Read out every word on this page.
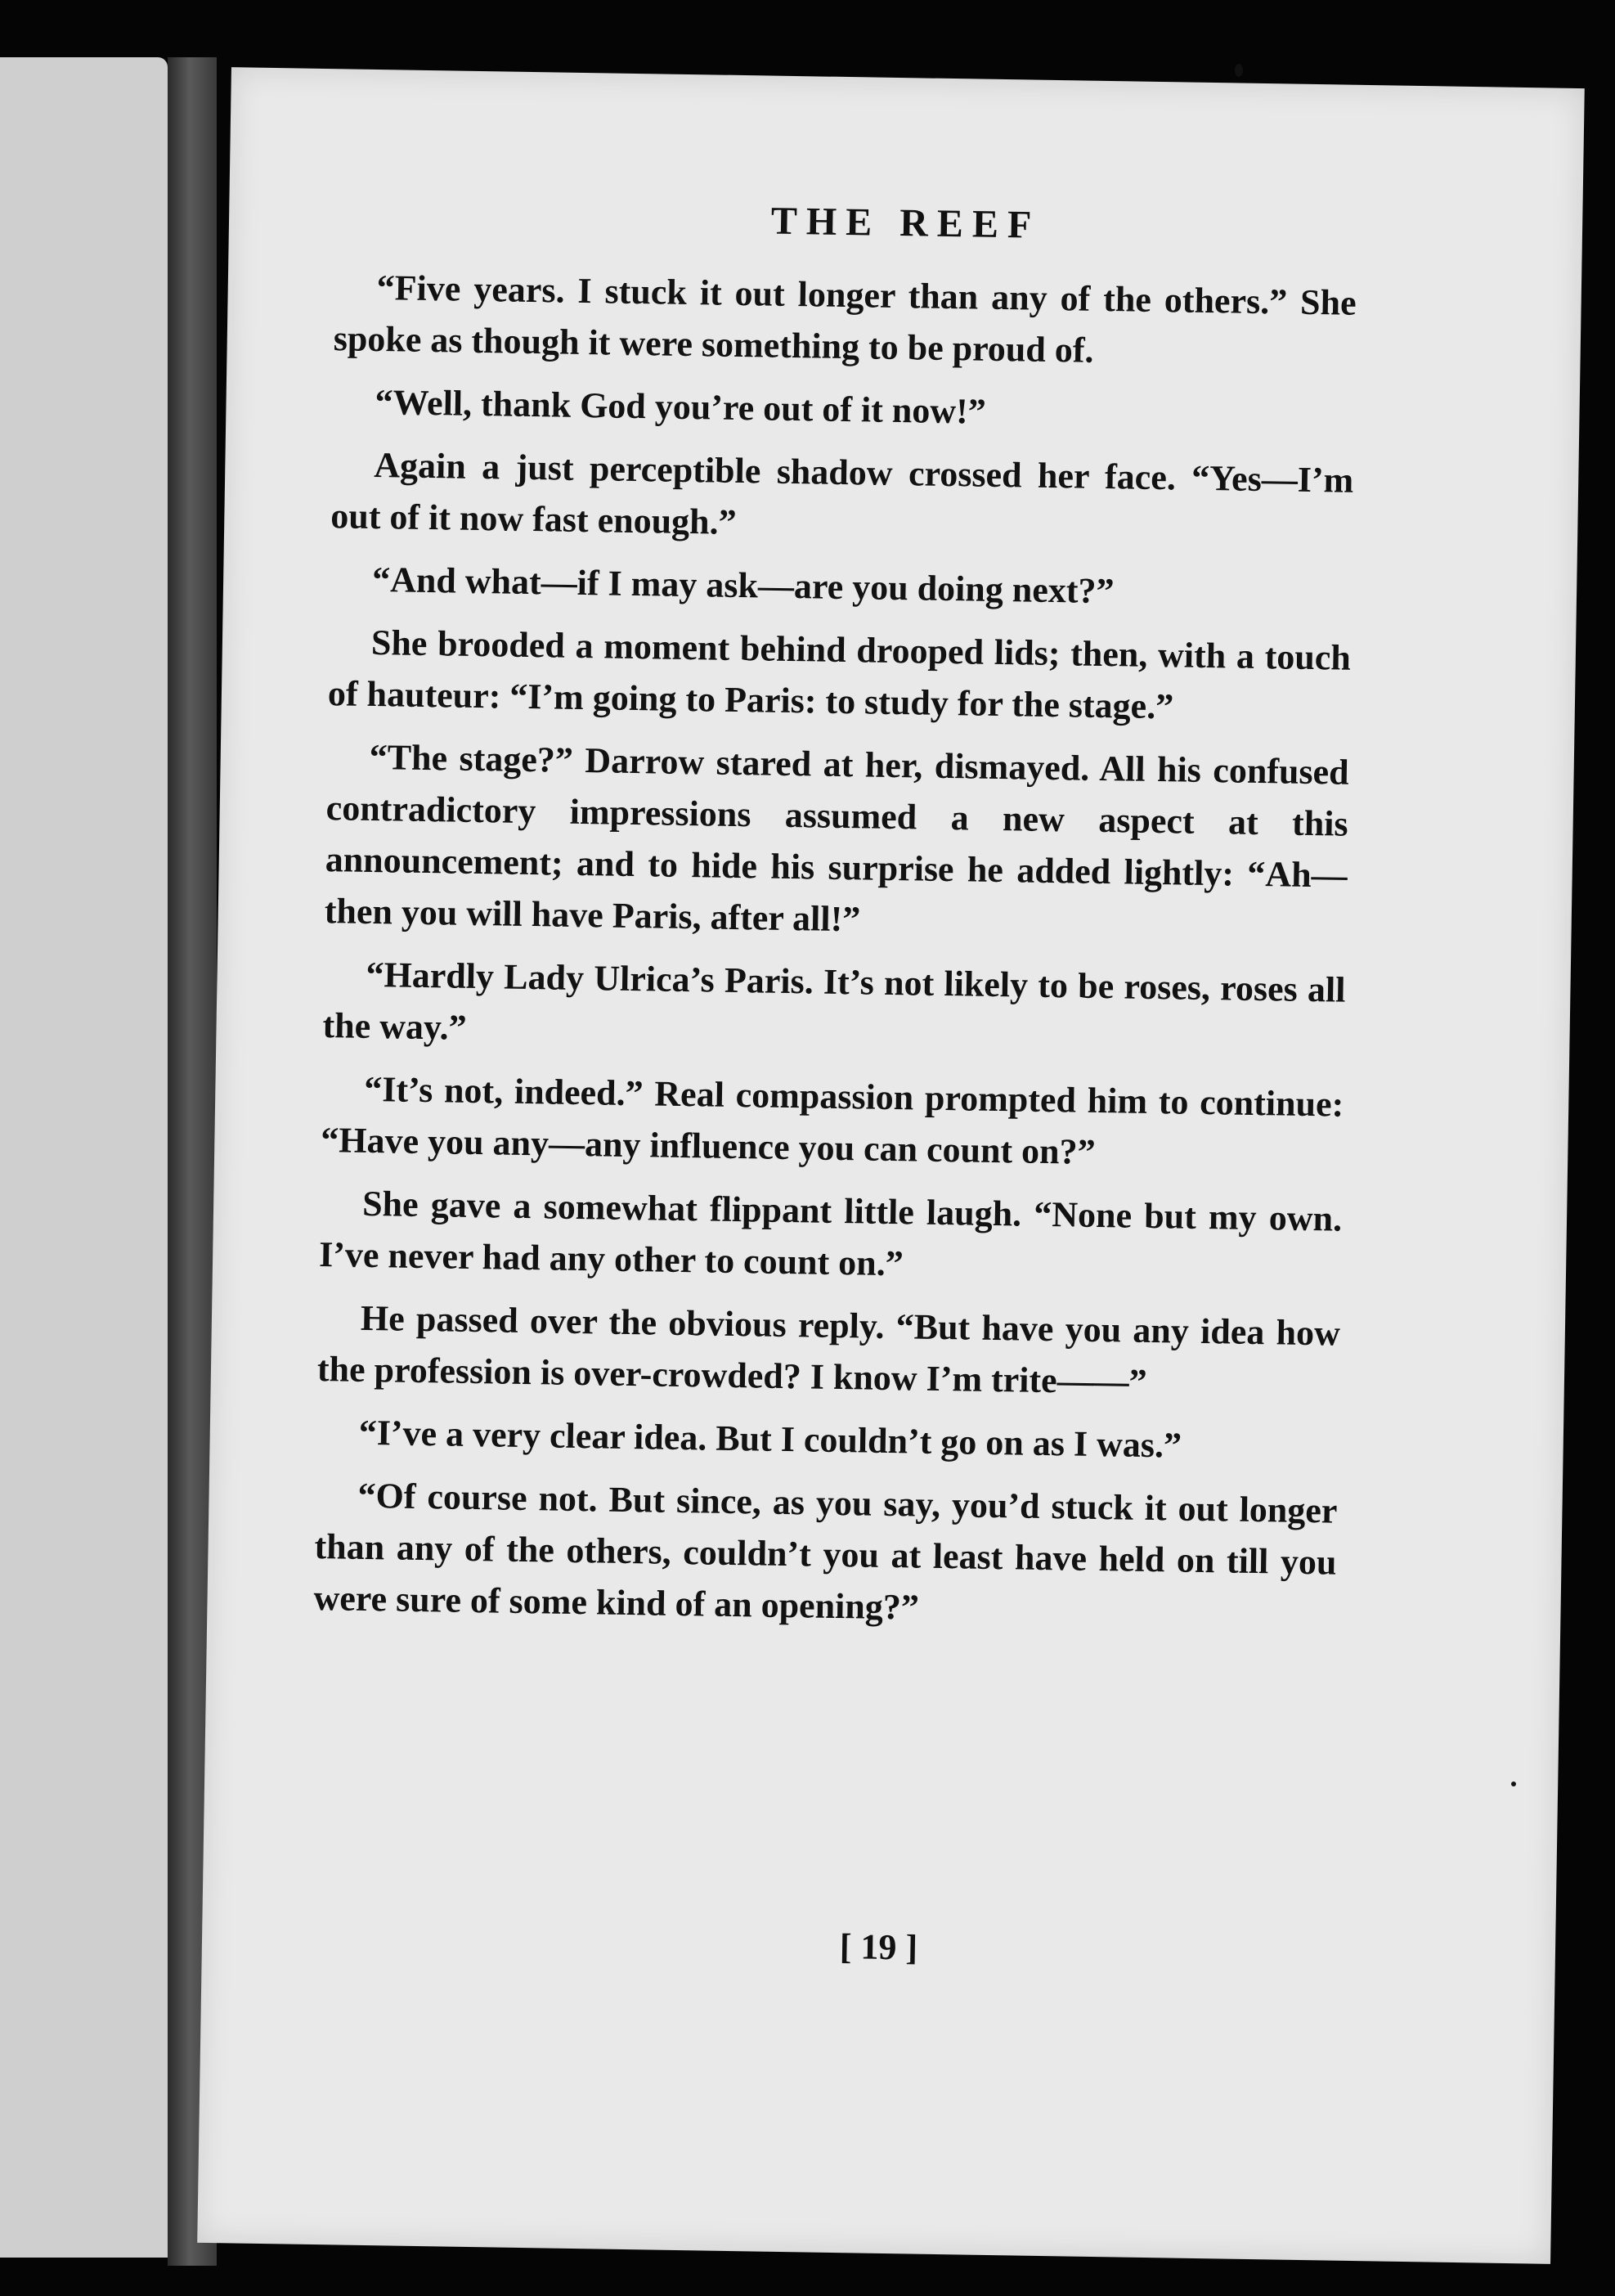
THE REEF

“Five years. I stuck it out longer than any of the others.” She spoke as though it were something to be proud of.

“Well, thank God you’re out of it now!”

Again a just perceptible shadow crossed her face. “Yes—I’m out of it now fast enough.”

“And what—if I may ask—are you doing next?”

She brooded a moment behind drooped lids; then, with a touch of hauteur: “I’m going to Paris: to study for the stage.”

“The stage?” Darrow stared at her, dismayed. All his confused contradictory impressions assumed a new aspect at this announcement; and to hide his surprise he added lightly: “Ah—then you will have Paris, after all!”

“Hardly Lady Ulrica’s Paris. It’s not likely to be roses, roses all the way.”

“It’s not, indeed.” Real compassion prompted him to continue: “Have you any—any influence you can count on?”

She gave a somewhat flippant little laugh. “None but my own. I’ve never had any other to count on.”

He passed over the obvious reply. “But have you any idea how the profession is over-crowded? I know I’m trite——”

“I’ve a very clear idea. But I couldn’t go on as I was.”

“Of course not. But since, as you say, you’d stuck it out longer than any of the others, couldn’t you at least have held on till you were sure of some kind of an opening?”

[ 19 ]
